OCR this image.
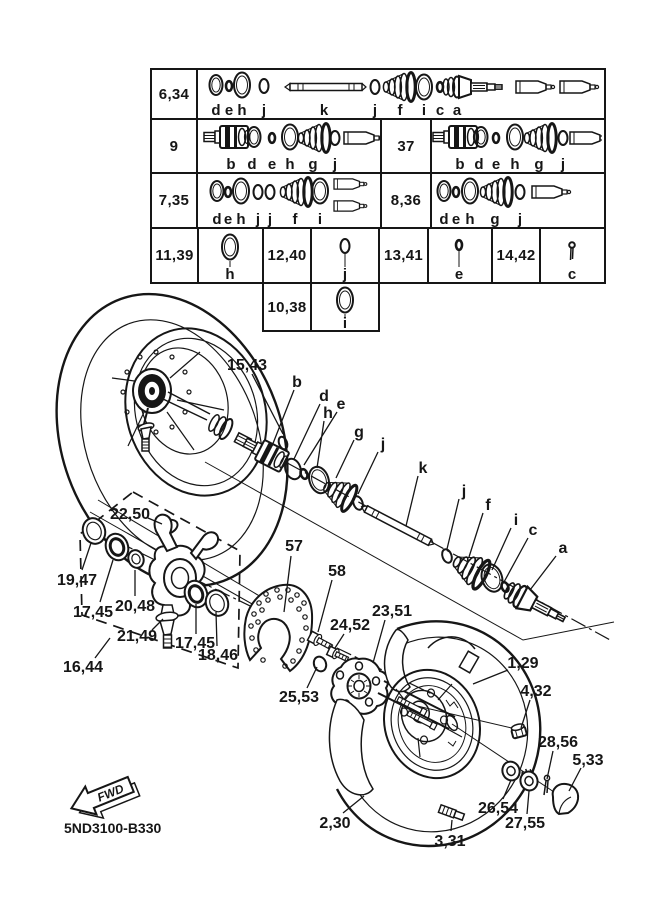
15,43
b
d e
h
g
j
k
j
f
i
c
a
22,50
19,47
17,45 20,48
21,49 17,45
18,46
16,44
57
58
24,52
23,51
25,53
1,29
4,32
28,56
5,33
26,54
27,55
3,31
2,30
FWD
5ND3100-B330
6,34
d e h j	k	j f i c a
9
b d e h g j
37
b d e h g j
7,35
d e h j j f i
8,36
d e h g j
11,39
h
12,40
j
13,41
e
14,42
c
10,38
i
